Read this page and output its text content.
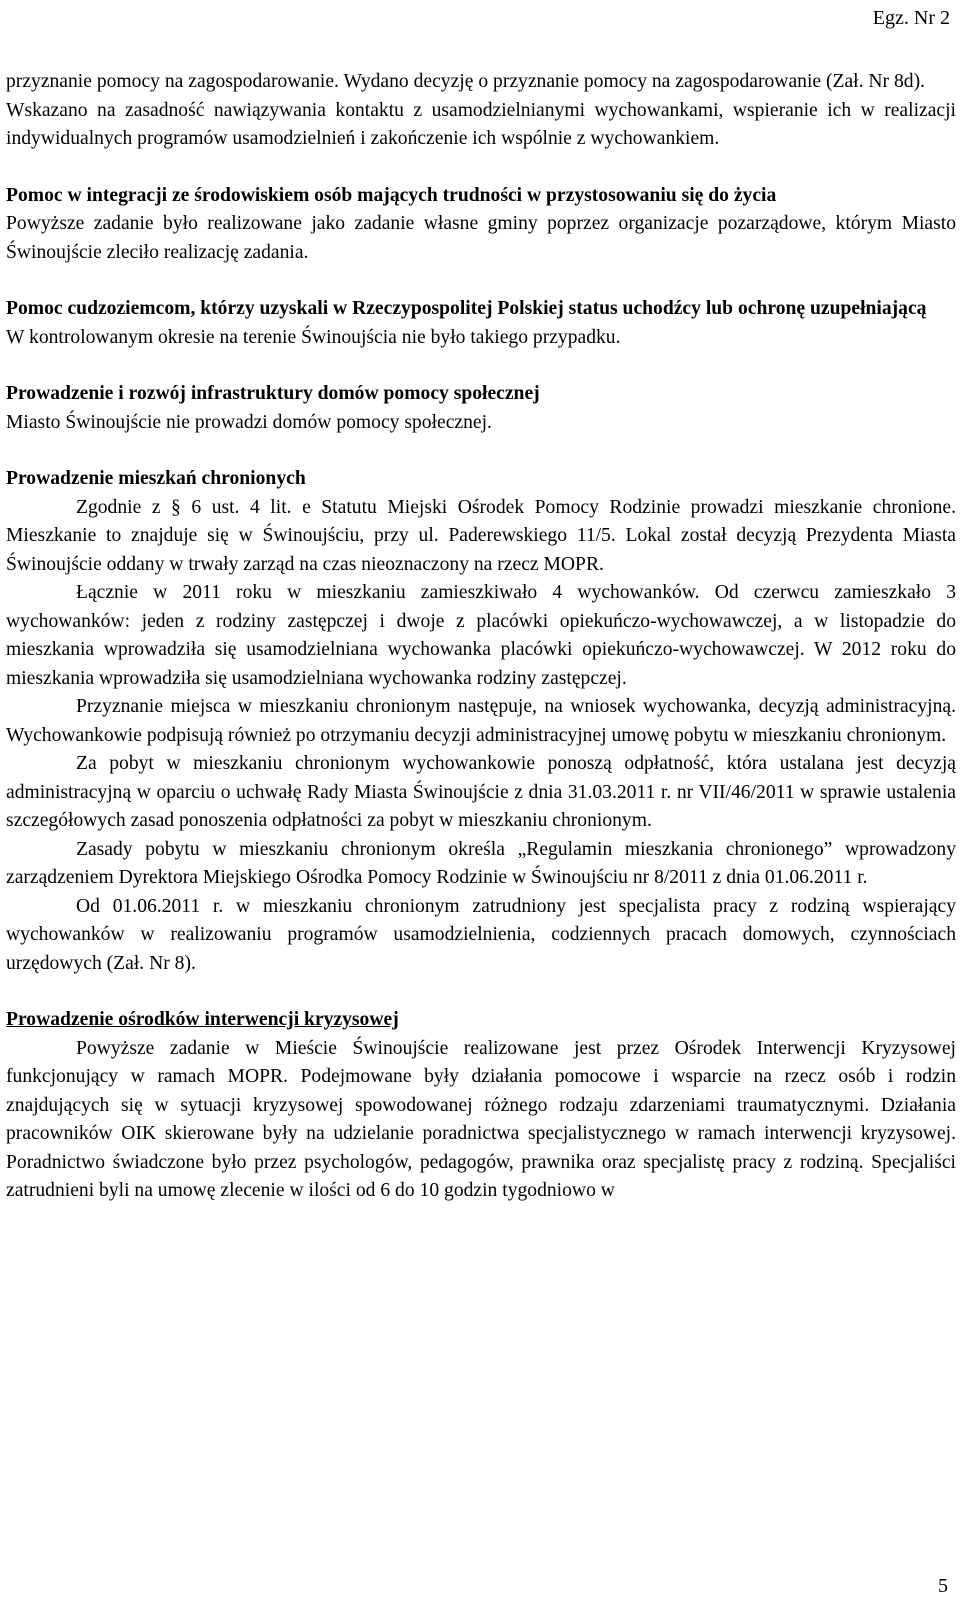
Egz. Nr 2

przyznanie pomocy na zagospodarowanie. Wydano decyzję o przyznanie pomocy na zagospodarowanie (Zał. Nr 8d).

Wskazano na zasadność nawiązywania kontaktu z usamodzielnianymi wychowankami, wspieranie ich w realizacji indywidualnych programów usamodzielnień i zakończenie ich wspólnie z wychowankiem.

Pomoc w integracji ze środowiskiem osób mających trudności w przystosowaniu się do życia

Powyższe zadanie było realizowane jako zadanie własne gminy poprzez organizacje pozarządowe, którym Miasto Świnoujście zleciło realizację zadania.

Pomoc cudzoziemcom, którzy uzyskali w Rzeczypospolitej Polskiej status uchodźcy lub ochronę uzupełniającą

W kontrolowanym okresie na terenie Świnoujścia nie było takiego przypadku.

Prowadzenie i rozwój infrastruktury domów pomocy społecznej

Miasto Świnoujście nie prowadzi domów pomocy społecznej.

Prowadzenie mieszkań chronionych

Zgodnie z § 6 ust. 4 lit. e Statutu Miejski Ośrodek Pomocy Rodzinie prowadzi mieszkanie chronione. Mieszkanie to znajduje się w Świnoujściu, przy ul. Paderewskiego 11/5. Lokal został decyzją Prezydenta Miasta Świnoujście oddany w trwały zarząd na czas nieoznaczony na rzecz MOPR.

Łącznie w 2011 roku w mieszkaniu zamieszkiwało 4 wychowanków. Od czerwcu zamieszkało 3 wychowanków: jeden z rodziny zastępczej i dwoje z placówki opiekuńczo-wychowawczej, a w listopadzie do mieszkania wprowadziła się usamodzielniana wychowanka placówki opiekuńczo-wychowawczej. W 2012 roku do mieszkania wprowadziła się usamodzielniana wychowanka rodziny zastępczej.

Przyznanie miejsca w mieszkaniu chronionym następuje, na wniosek wychowanka, decyzją administracyjną. Wychowankowie podpisują również po otrzymaniu decyzji administracyjnej umowę pobytu w mieszkaniu chronionym.

Za pobyt w mieszkaniu chronionym wychowankowie ponoszą odpłatność, która ustalana jest decyzją administracyjną w oparciu o uchwałę Rady Miasta Świnoujście z dnia 31.03.2011 r. nr VII/46/2011 w sprawie ustalenia szczegółowych zasad ponoszenia odpłatności za pobyt w mieszkaniu chronionym.

Zasady pobytu w mieszkaniu chronionym określa „Regulamin mieszkania chronionego” wprowadzony zarządzeniem Dyrektora Miejskiego Ośrodka Pomocy Rodzinie w Świnoujściu nr 8/2011 z dnia 01.06.2011 r.

Od 01.06.2011 r. w mieszkaniu chronionym zatrudniony jest specjalista pracy z rodziną wspierający wychowanków w realizowaniu programów usamodzielnienia, codziennych pracach domowych, czynnościach urzędowych (Zał. Nr 8).

Prowadzenie ośrodków interwencji kryzysowej

Powyższe zadanie w Mieście Świnoujście realizowane jest przez Ośrodek Interwencji Kryzysowej funkcjonujący w ramach MOPR. Podejmowane były działania pomocowe i wsparcie na rzecz osób i rodzin znajdujących się w sytuacji kryzysowej spowodowanej różnego rodzaju zdarzeniami traumatycznymi. Działania pracowników OIK skierowane były na udzielanie poradnictwa specjalistycznego w ramach interwencji kryzysowej. Poradnictwo świadczone było przez psychologów, pedagogów, prawnika oraz specjalistę pracy z rodziną. Specjaliści zatrudnieni byli na umowę zlecenie w ilości od 6 do 10 godzin tygodniowo w

5
